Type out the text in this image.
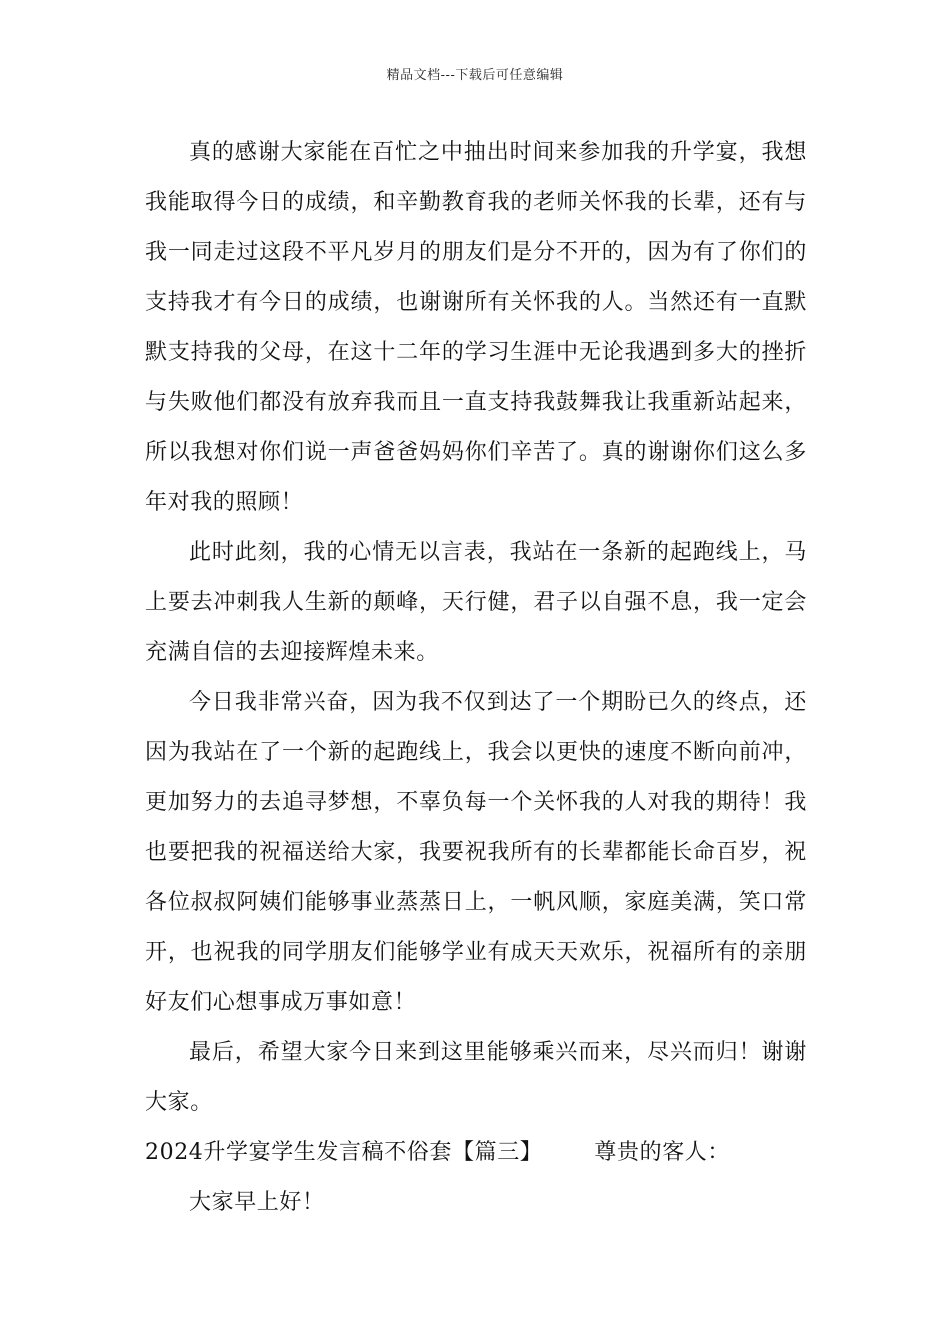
精品文档---下载后可任意编辑

真的感谢大家能在百忙之中抽出时间来参加我的升学宴，我想我能取得今日的成绩，和辛勤教育我的老师关怀我的长辈，还有与我一同走过这段不平凡岁月的朋友们是分不开的，因为有了你们的支持我才有今日的成绩，也谢谢所有关怀我的人。当然还有一直默默支持我的父母，在这十二年的学习生涯中无论我遇到多大的挫折与失败他们都没有放弃我而且一直支持我鼓舞我让我重新站起来，所以我想对你们说一声爸爸妈妈你们辛苦了。真的谢谢你们这么多年对我的照顾！

此时此刻，我的心情无以言表，我站在一条新的起跑线上，马上要去冲刺我人生新的颠峰，天行健，君子以自强不息，我一定会充满自信的去迎接辉煌未来。

今日我非常兴奋，因为我不仅到达了一个期盼已久的终点，还因为我站在了一个新的起跑线上，我会以更快的速度不断向前冲，更加努力的去追寻梦想，不辜负每一个关怀我的人对我的期待！我也要把我的祝福送给大家，我要祝我所有的长辈都能长命百岁，祝各位叔叔阿姨们能够事业蒸蒸日上，一帆风顺，家庭美满，笑口常开，也祝我的同学朋友们能够学业有成天天欢乐，祝福所有的亲朋好友们心想事成万事如意！

最后，希望大家今日来到这里能够乘兴而来，尽兴而归！谢谢大家。

2024升学宴学生发言稿不俗套【篇三】 尊贵的客人：

大家早上好！
